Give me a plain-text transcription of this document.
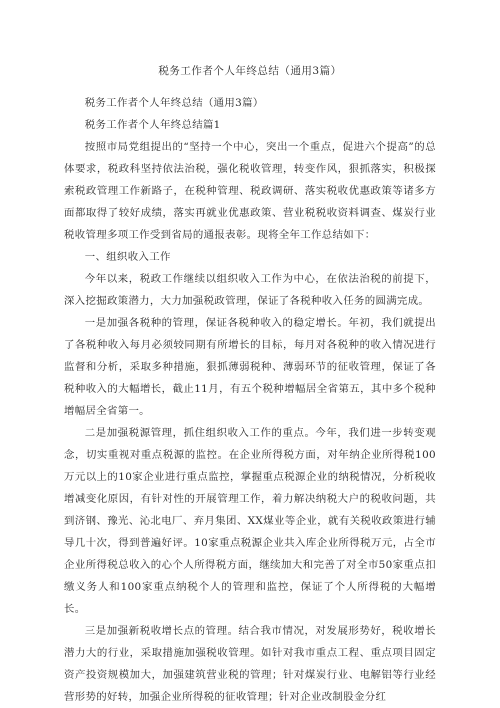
税务工作者个人年终总结（通用3篇）

税务工作者个人年终总结（通用3篇）

税务工作者个人年终总结篇1

按照市局党组提出的“坚持一个中心，突出一个重点，促进六个提高”的总体要求，税政科坚持依法治税，强化税收管理，转变作风，狠抓落实，积极探索税政管理工作新路子，在税种管理、税政调研、落实税收优惠政策等诸多方面都取得了较好成绩，落实再就业优惠政策、营业税税收资料调查、煤炭行业税收管理多项工作受到省局的通报表彰。现将全年工作总结如下：

一、组织收入工作

今年以来，税政工作继续以组织收入工作为中心，在依法治税的前提下，深入挖掘政策潜力，大力加强税政管理，保证了各税种收入任务的圆满完成。

一是加强各税种的管理，保证各税种收入的稳定增长。年初，我们就提出了各税种收入每月必须较同期有所增长的目标，每月对各税种的收入情况进行监督和分析，采取多种措施，狠抓薄弱税种、薄弱环节的征收管理，保证了各税种收入的大幅增长，截止11月，有五个税种增幅居全省第五，其中多个税种增幅居全省第一。

二是加强税源管理，抓住组织收入工作的重点。今年，我们进一步转变观念，切实重视对重点税源的监控。在企业所得税方面，对年纳企业所得税100万元以上的10家企业进行重点监控，掌握重点税源企业的纳税情况，分析税收增减变化原因，有针对性的开展管理工作，着力解决纳税大户的税收问题，共到济钢、豫光、沁北电厂、弃月集团、XX煤业等企业，就有关税收政策进行辅导几十次，得到普遍好评。10家重点税源企业共入库企业所得税万元，占全市企业所得税总收入的心个人所得税方面，继续加大和完善了对全市50家重点扣缴义务人和100家重点纳税个人的管理和监控，保证了个人所得税的大幅增长。

三是加强新税收增长点的管理。结合我市情况，对发展形势好，税收增长潜力大的行业，采取措施加强税收管理。如针对我市重点工程、重点项目固定资产投资规模加大，加强建筑营业税的管理；针对煤炭行业、电解铝等行业经营形势的好转，加强企业所得税的征收管理；针对企业改制股金分红
